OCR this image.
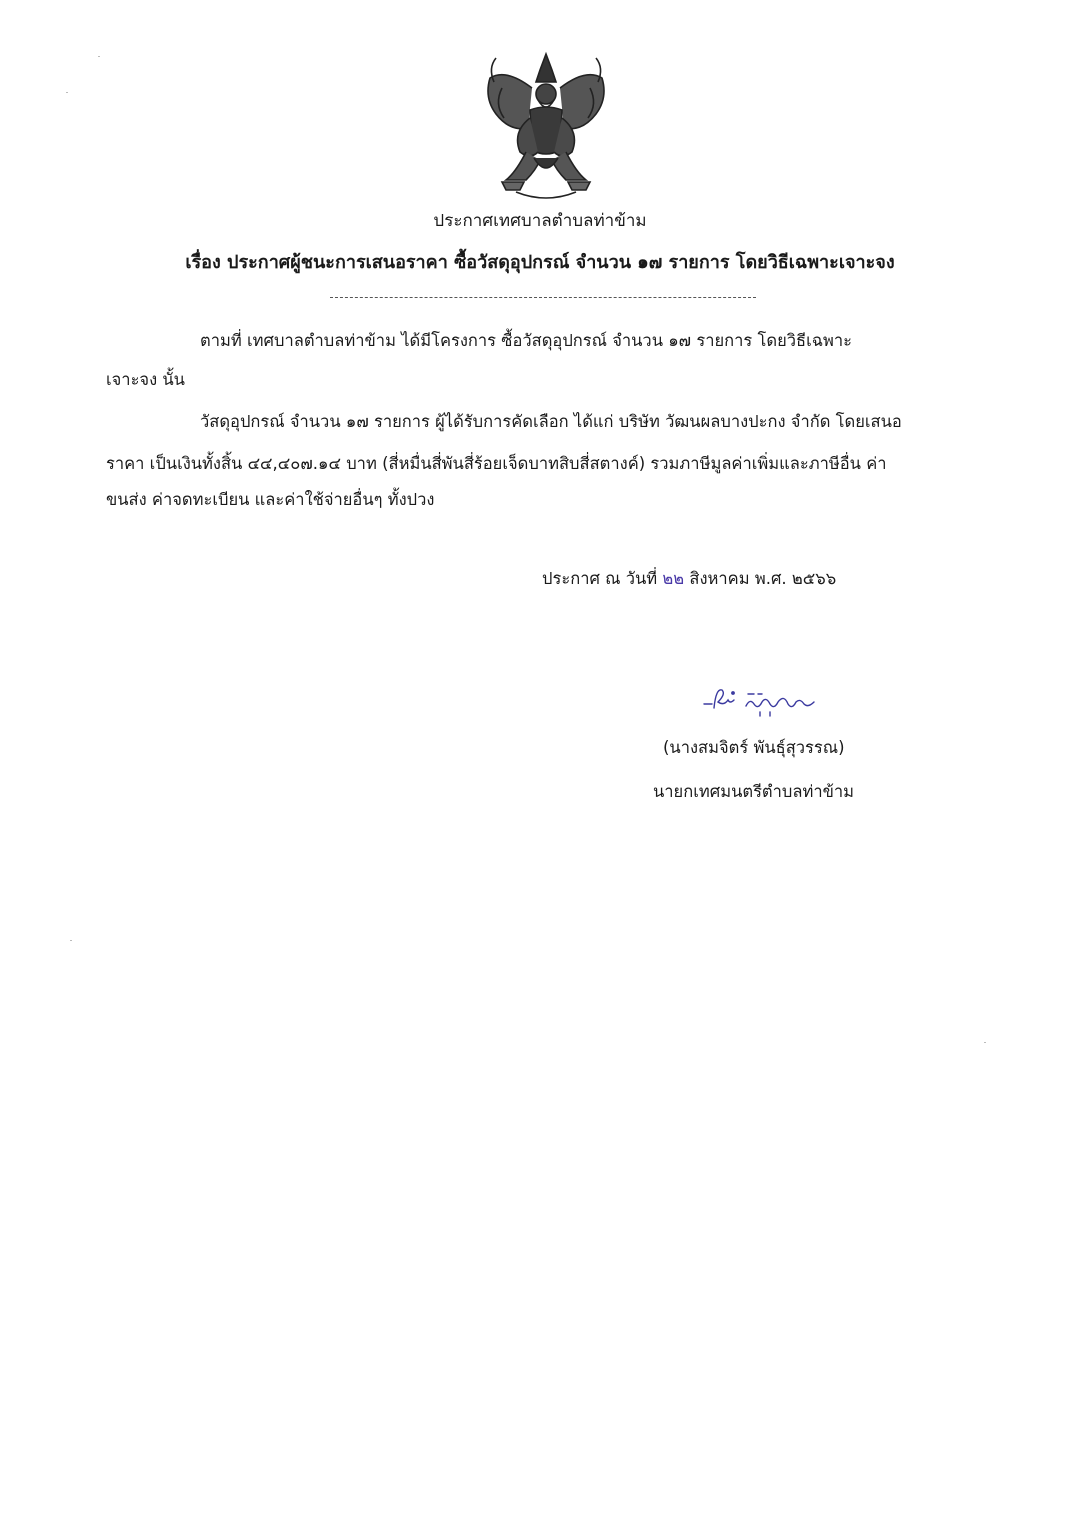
ประกาศเทศบาลตำบลท่าข้าม
เรื่อง ประกาศผู้ชนะการเสนอราคา ซื้อวัสดุอุปกรณ์ จำนวน ๑๗ รายการ โดยวิธีเฉพาะเจาะจง
ตามที่ เทศบาลตำบลท่าข้าม ได้มีโครงการ ซื้อวัสดุอุปกรณ์ จำนวน ๑๗ รายการ โดยวิธีเฉพาะ
เจาะจง นั้น
วัสดุอุปกรณ์ จำนวน ๑๗ รายการ ผู้ได้รับการคัดเลือก ได้แก่ บริษัท วัฒนผลบางปะกง จำกัด โดยเสนอ
ราคา เป็นเงินทั้งสิ้น ๔๔,๔๐๗.๑๔ บาท (สี่หมื่นสี่พันสี่ร้อยเจ็ดบาทสิบสี่สตางค์) รวมภาษีมูลค่าเพิ่มและภาษีอื่น ค่า
ขนส่ง ค่าจดทะเบียน และค่าใช้จ่ายอื่นๆ ทั้งปวง
ประกาศ ณ วันที่ ๒๒ สิงหาคม พ.ศ. ๒๕๖๖
(นางสมจิตร์ พันธุ์สุวรรณ)
นายกเทศมนตรีตำบลท่าข้าม
